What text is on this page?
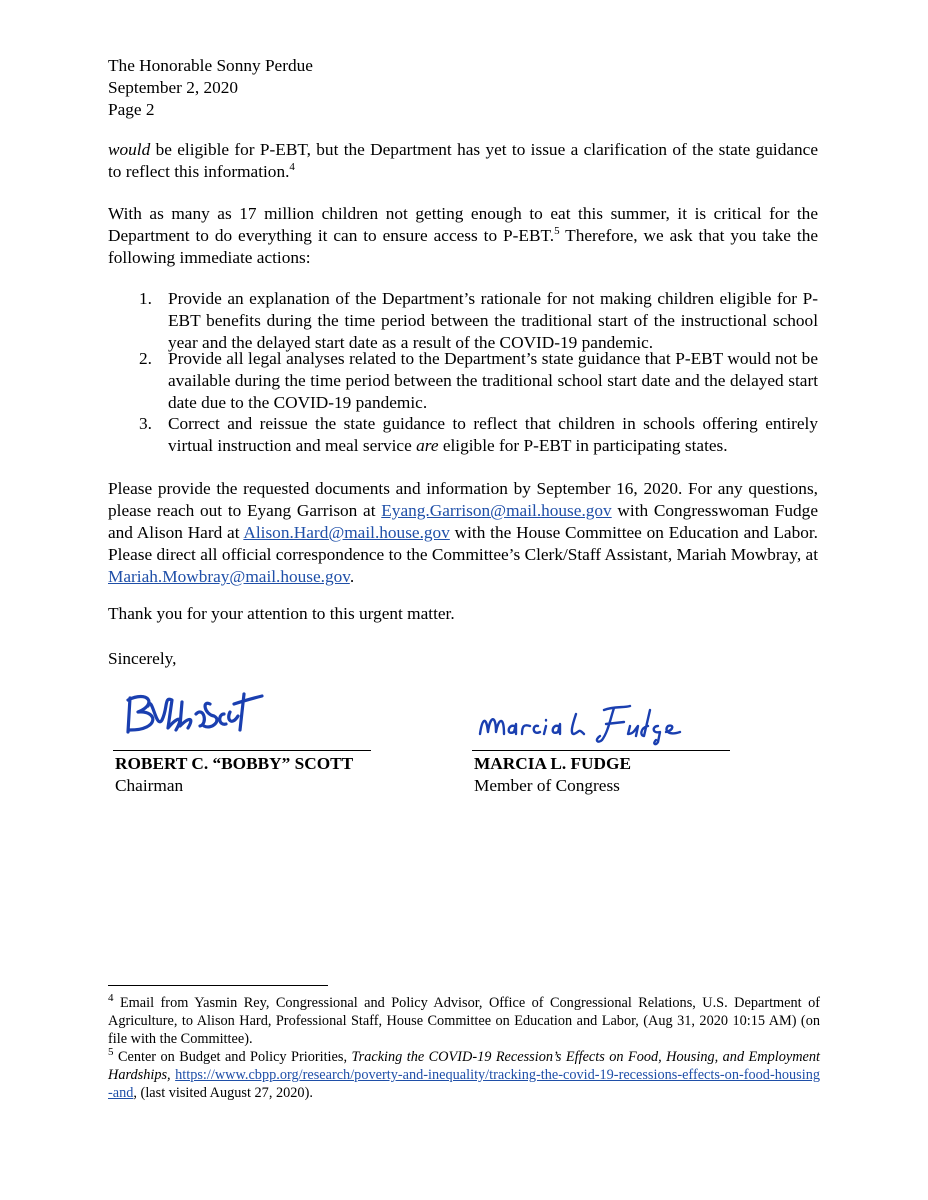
The Honorable Sonny Perdue
September 2, 2020
Page 2
would be eligible for P-EBT, but the Department has yet to issue a clarification of the state guidance to reflect this information.$^4$
With as many as 17 million children not getting enough to eat this summer, it is critical for the Department to do everything it can to ensure access to P-EBT.$^5$ Therefore, we ask that you take the following immediate actions:
1. Provide an explanation of the Department’s rationale for not making children eligible for P-EBT benefits during the time period between the traditional start of the instructional school year and the delayed start date as a result of the COVID-19 pandemic.
2. Provide all legal analyses related to the Department’s state guidance that P-EBT would not be available during the time period between the traditional school start date and the delayed start date due to the COVID-19 pandemic.
3. Correct and reissue the state guidance to reflect that children in schools offering entirely virtual instruction and meal service are eligible for P-EBT in participating states.
Please provide the requested documents and information by September 16, 2020. For any questions, please reach out to Eyang Garrison at Eyang.Garrison@mail.house.gov with Congresswoman Fudge and Alison Hard at Alison.Hard@mail.house.gov with the House Committee on Education and Labor. Please direct all official correspondence to the Committee’s Clerk/Staff Assistant, Mariah Mowbray, at Mariah.Mowbray@mail.house.gov.
Thank you for your attention to this urgent matter.
Sincerely,
ROBERT C. “BOBBY” SCOTT
Chairman
MARCIA L. FUDGE
Member of Congress
$^4$ Email from Yasmin Rey, Congressional and Policy Advisor, Office of Congressional Relations, U.S. Department of Agriculture, to Alison Hard, Professional Staff, House Committee on Education and Labor, (Aug 31, 2020 10:15 AM) (on file with the Committee).
$^5$ Center on Budget and Policy Priorities, Tracking the COVID-19 Recession’s Effects on Food, Housing, and Employment Hardships, https://www.cbpp.org/research/poverty-and-inequality/tracking-the-covid-19-recessions-effects-on-food-housing-and, (last visited August 27, 2020).
